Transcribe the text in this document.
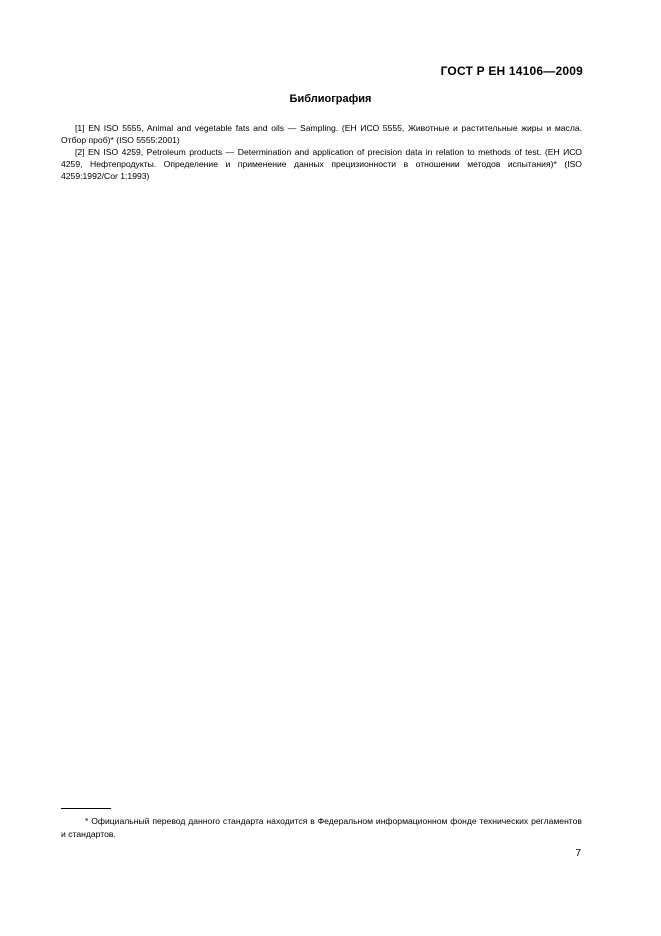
ГОСТ Р ЕН 14106—2009
Библиография

[1] EN ISO 5555, Animal and vegetable fats and oils — Sampling. (ЕН ИСО 5555, Животные и растительные жиры и масла. Отбор проб)* (ISO 5555:2001)

[2] EN ISO 4259, Petroleum products — Determination and application of precision data in relation to methods of test. (ЕН ИСО 4259, Нефтепродукты. Определение и применение данных прецизионности в отношении методов испытания)* (ISO 4259:1992/Cor 1:1993)

* Официальный перевод данного стандарта находится в Федеральном информационном фонде технических регламентов и стандартов.

7
